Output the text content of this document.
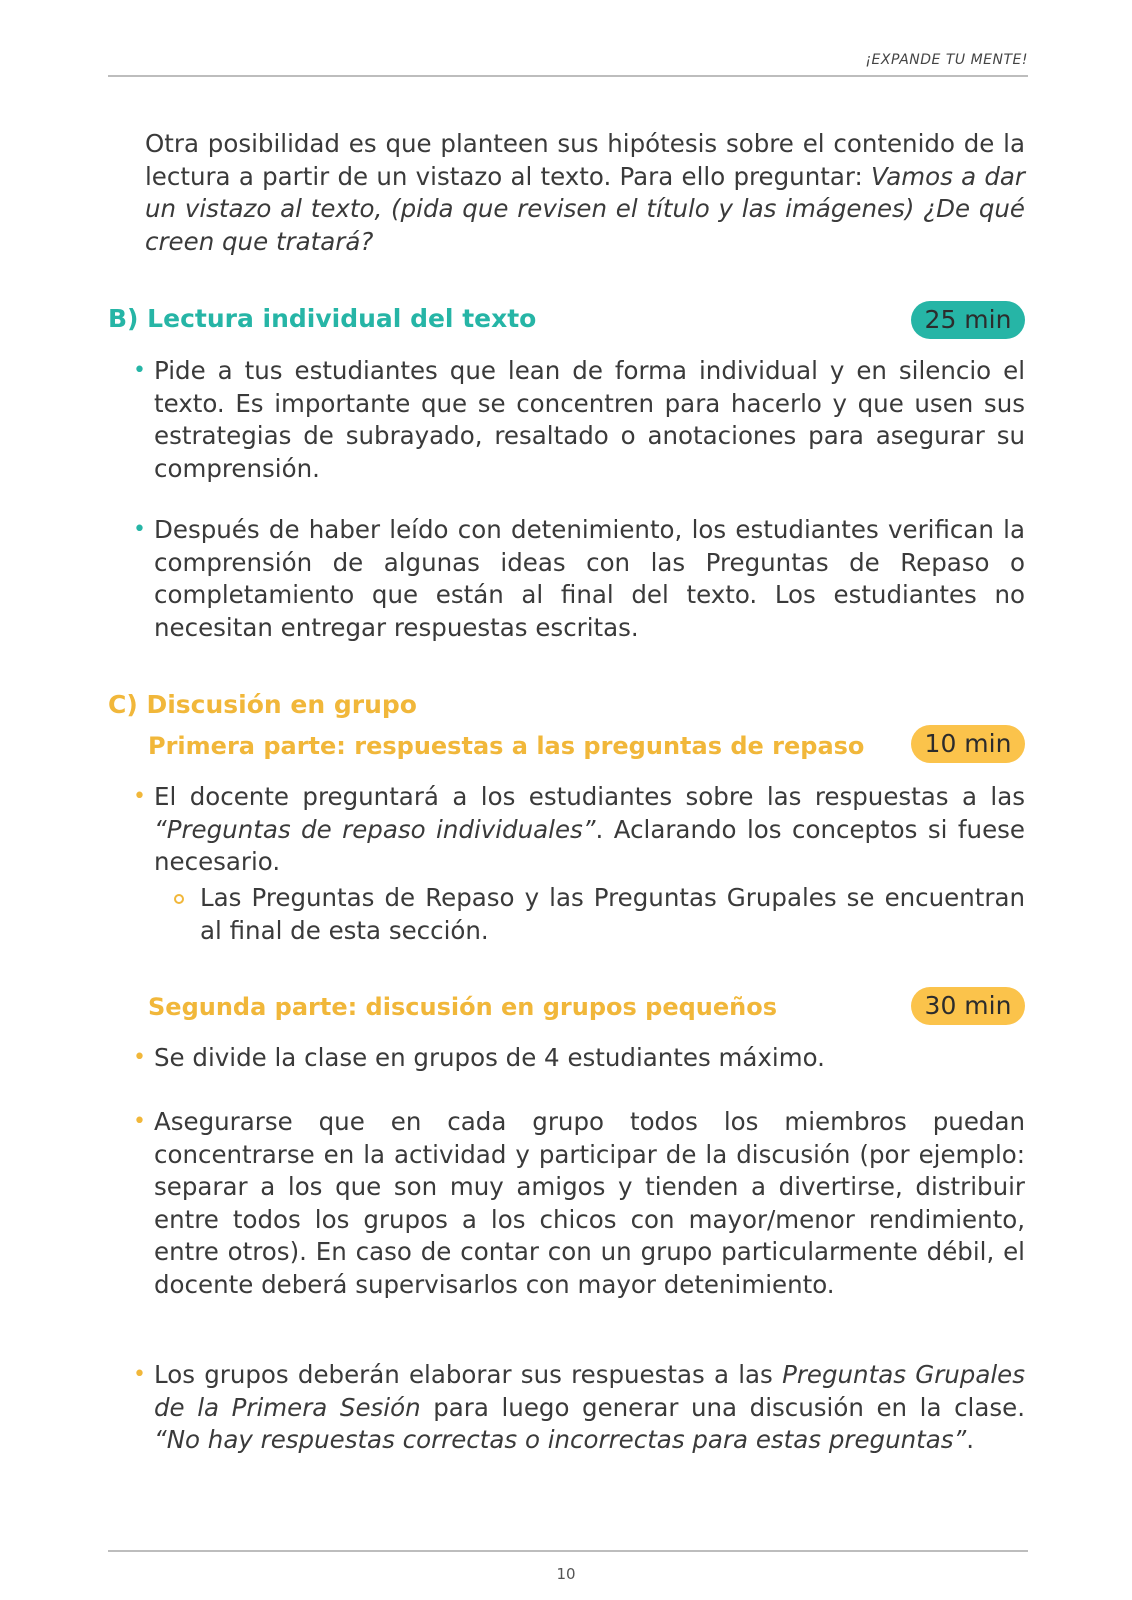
¡EXPANDE TU MENTE!
Otra posibilidad es que planteen sus hipótesis sobre el contenido de la lectura a partir de un vistazo al texto. Para ello preguntar: Vamos a dar un vistazo al texto, (pida que revisen el título y las imágenes) ¿De qué creen que tratará?
B) Lectura individual del texto	25 min
• Pide a tus estudiantes que lean de forma individual y en silencio el texto. Es importante que se concentren para hacerlo y que usen sus estrategias de subrayado, resaltado o anotaciones para asegurar su comprensión.
• Después de haber leído con detenimiento, los estudiantes verifican la comprensión de algunas ideas con las Preguntas de Repaso o completamiento que están al final del texto. Los estudiantes no necesitan entregar respuestas escritas.
C) Discusión en grupo
Primera parte: respuestas a las preguntas de repaso	10 min
• El docente preguntará a los estudiantes sobre las respuestas a las “Preguntas de repaso individuales”. Aclarando los conceptos si fuese necesario.
Las Preguntas de Repaso y las Preguntas Grupales se encuentran al final de esta sección.
Segunda parte: discusión en grupos pequeños	30 min
• Se divide la clase en grupos de 4 estudiantes máximo.
• Asegurarse que en cada grupo todos los miembros puedan concentrarse en la actividad y participar de la discusión (por ejemplo: separar a los que son muy amigos y tienden a divertirse, distribuir entre todos los grupos a los chicos con mayor/menor rendimiento, entre otros). En caso de contar con un grupo particularmente débil, el docente deberá supervisarlos con mayor detenimiento.
• Los grupos deberán elaborar sus respuestas a las Preguntas Grupales de la Primera Sesión para luego generar una discusión en la clase. “No hay respuestas correctas o incorrectas para estas preguntas”.
10
